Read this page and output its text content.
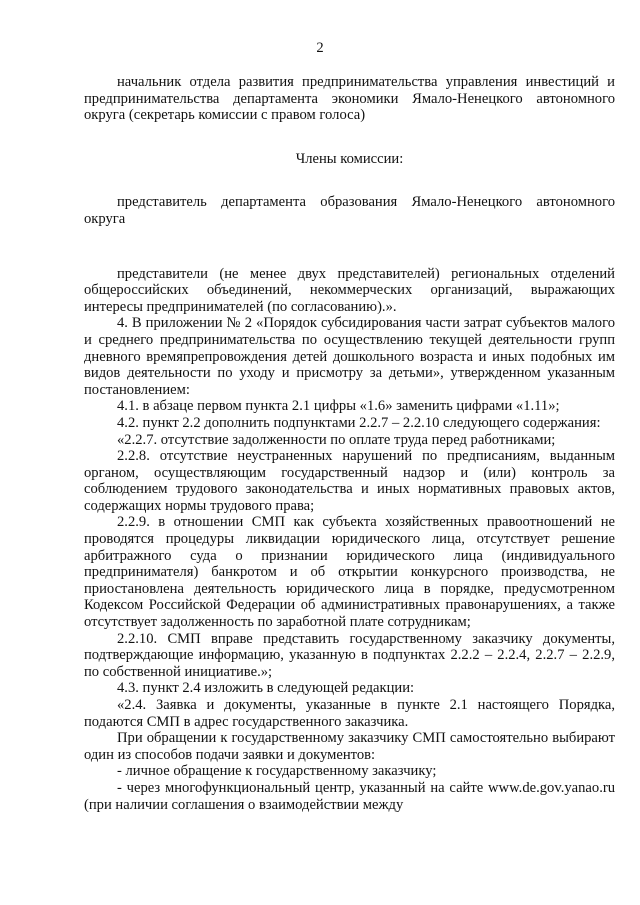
2

начальник отдела развития предпринимательства управления инвестиций и предпринимательства департамента экономики Ямало-Ненецкого автономного округа (секретарь комиссии с правом голоса)

Члены комиссии:

представитель департамента образования Ямало-Ненецкого автономного округа

представители (не менее двух представителей) региональных отделений общероссийских объединений, некоммерческих организаций, выражающих интересы предпринимателей (по согласованию).».

4. В приложении № 2 «Порядок субсидирования части затрат субъектов малого и среднего предпринимательства по осуществлению текущей деятельности групп дневного времяпрепровождения детей дошкольного возраста и иных подобных им видов деятельности по уходу и присмотру за детьми», утвержденном указанным постановлением:

4.1. в абзаце первом пункта 2.1 цифры «1.6» заменить цифрами «1.11»;

4.2. пункт 2.2 дополнить подпунктами 2.2.7 – 2.2.10 следующего содержания:

«2.2.7. отсутствие задолженности по оплате труда перед работниками;

2.2.8. отсутствие неустраненных нарушений по предписаниям, выданным органом, осуществляющим государственный надзор и (или) контроль за соблюдением трудового законодательства и иных нормативных правовых актов, содержащих нормы трудового права;

2.2.9. в отношении СМП как субъекта хозяйственных правоотношений не проводятся процедуры ликвидации юридического лица, отсутствует решение арбитражного суда о признании юридического лица (индивидуального предпринимателя) банкротом и об открытии конкурсного производства, не приостановлена деятельность юридического лица в порядке, предусмотренном Кодексом Российской Федерации об административных правонарушениях, а также отсутствует задолженность по заработной плате сотрудникам;

2.2.10. СМП вправе представить государственному заказчику документы, подтверждающие информацию, указанную в подпунктах 2.2.2 – 2.2.4, 2.2.7 – 2.2.9, по собственной инициативе.»;

4.3. пункт 2.4 изложить в следующей редакции:

«2.4. Заявка и документы, указанные в пункте 2.1 настоящего Порядка, подаются СМП в адрес государственного заказчика.

При обращении к государственному заказчику СМП самостоятельно выбирают один из способов подачи заявки и документов:

- личное обращение к государственному заказчику;

- через многофункциональный центр, указанный на сайте www.de.gov.yanao.ru (при наличии соглашения о взаимодействии между
